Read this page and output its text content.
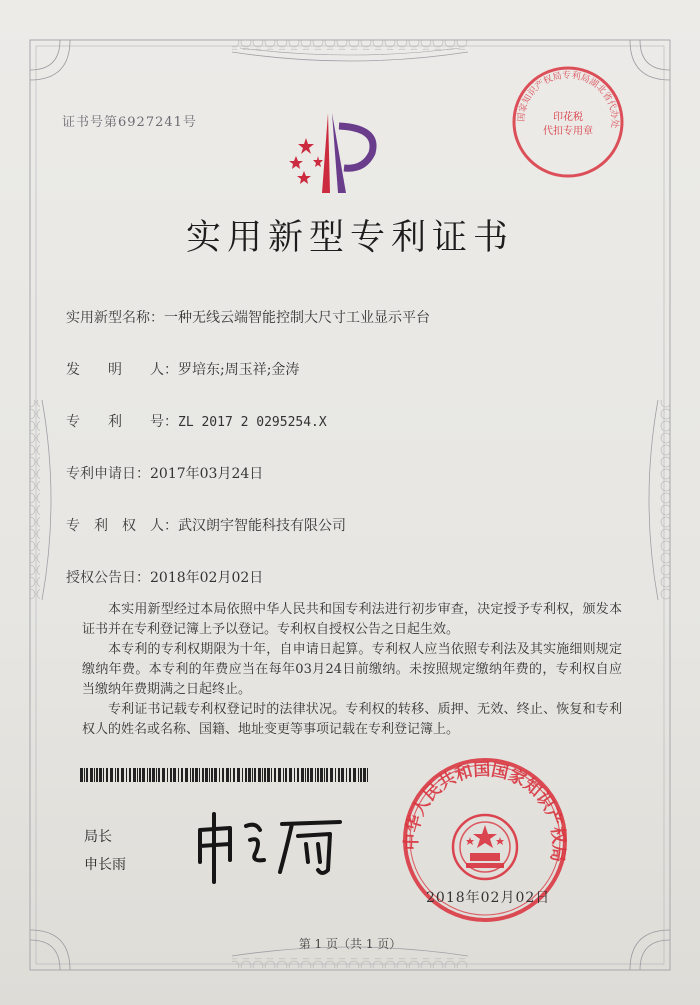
证书号第6927241号	国家知识产权局专利局湖北省代办处
印花税
代扣专用章
实用新型专利证书
实用新型名称：一种无线云端智能控制大尺寸工业显示平台
发　　明　　人：罗培东;周玉祥;金涛
专　　利　　号：ZL 2017 2 0295254.X
专利申请日：2017年03月24日
专　利　权　人：武汉朗宇智能科技有限公司
授权公告日：2018年02月02日

本实用新型经过本局依照中华人民共和国专利法进行初步审查，决定授予专利权，颁发本证书并在专利登记簿上予以登记。专利权自授权公告之日起生效。

本专利的专利权期限为十年，自申请日起算。专利权人应当依照专利法及其实施细则规定缴纳年费。本专利的年费应当在每年03月24日前缴纳。未按照规定缴纳年费的，专利权自应当缴纳年费期满之日起终止。

专利证书记载专利权登记时的法律状况。专利权的转移、质押、无效、终止、恢复和专利权人的姓名或名称、国籍、地址变更等事项记载在专利登记簿上。

局长
申长雨
中华人民共和国国家知识产权局
2018年02月02日
第 1 页（共 1 页）
